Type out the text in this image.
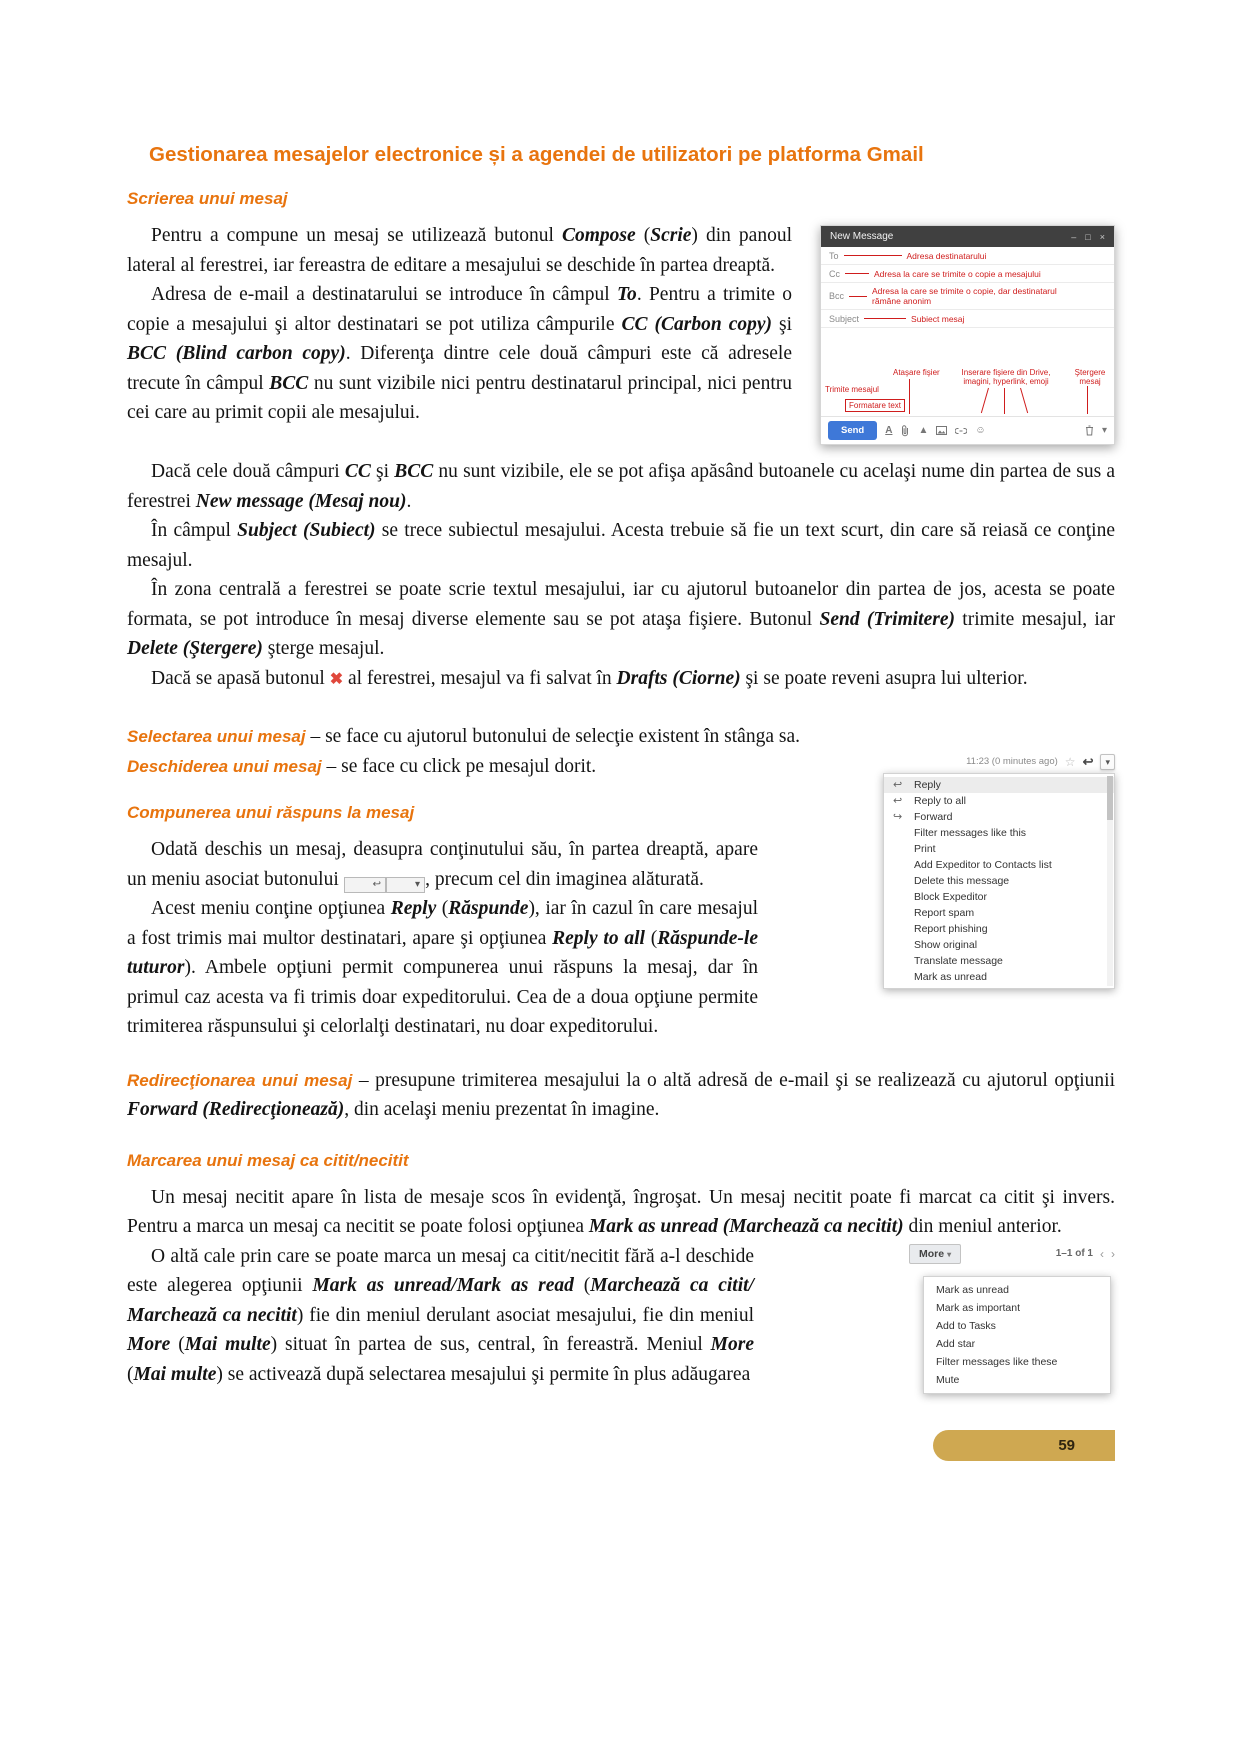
Gestionarea mesajelor electronice și a agendei de utilizatori pe platforma Gmail
Scrierea unui mesaj
New Message	– □ ×
To	Adresa destinatarului
Cc	Adresa la care se trimite o copie a mesajului
Bcc	Adresa la care se trimite o copie, dar destinatarul rămâne anonim
Subject	Subiect mesaj
Ataşare fişier	Inserare fişiere din Drive, imagini, hyperlink, emoji
Ştergere mesaj
Trimite mesajul
Formatare text
Send	A	▲	☺	▾

Pentru a compune un mesaj se utilizează butonul Compose (Scrie) din panoul lateral al ferestrei, iar fereastra de editare a mesajului se deschide în partea dreaptă.

Adresa de e-mail a destinatarului se introduce în câmpul To. Pentru a trimite o copie a mesajului şi altor destinatari se pot utiliza câmpurile CC (Carbon copy) şi BCC (Blind carbon copy). Diferenţa dintre cele două câmpuri este că adresele trecute în câmpul BCC nu sunt vizibile nici pentru destinatarul principal, nici pentru cei care au primit copii ale mesajului.

Dacă cele două câmpuri CC şi BCC nu sunt vizibile, ele se pot afişa apăsând butoanele cu acelaşi nume din partea de sus a ferestrei New message (Mesaj nou).

În câmpul Subject (Subiect) se trece subiectul mesajului. Acesta trebuie să fie un text scurt, din care să reiasă ce conţine mesajul.

În zona centrală a ferestrei se poate scrie textul mesajului, iar cu ajutorul butoanelor din partea de jos, acesta se poate formata, se pot introduce în mesaj diverse elemente sau se pot ataşa fişiere. Butonul Send (Trimitere) trimite mesajul, iar Delete (Ştergere) şterge mesajul.

Dacă se apasă butonul ✖ al ferestrei, mesajul va fi salvat în Drafts (Ciorne) şi se poate reveni asupra lui ulterior.

Selectarea unui mesaj – se face cu ajutorul butonului de selecţie existent în stânga sa.

11:23 (0 minutes ago) ☆ ↩	▾
↩ Reply
↩ Reply to all
↪ Forward
Filter messages like this
Print
Add Expeditor to Contacts list
Delete this message
Block Expeditor
Report spam
Report phishing
Show original
Translate message
Mark as unread

Deschiderea unui mesaj – se face cu click pe mesajul dorit.

Compunerea unui răspuns la mesaj

Odată deschis un mesaj, deasupra conţinutului său, în partea dreaptă, apare un meniu asociat butonului	↩	▾ , precum cel din imaginea alăturată.

Acest meniu conţine opţiunea Reply (Răspunde), iar în cazul în care mesajul a fost trimis mai multor destinatari, apare şi opţiunea Reply to all (Răspunde-le tuturor). Ambele opţiuni permit compunerea unui răspuns la mesaj, dar în primul caz acesta va fi trimis doar expeditorului. Cea de a doua opţiune permite trimiterea răspunsului şi celorlalţi destinatari, nu doar expeditorului.

Redirecţionarea unui mesaj – presupune trimiterea mesajului la o altă adresă de e-mail şi se realizează cu ajutorul opţiunii Forward (Redirecţionează), din acelaşi meniu prezentat în imagine.

Marcarea unui mesaj ca citit/necitit

Un mesaj necitit apare în lista de mesaje scos în evidenţă, îngroşat. Un mesaj necitit poate fi marcat ca citit şi invers. Pentru a marca un mesaj ca necitit se poate folosi opţiunea Mark as unread (Marchează ca necitit) din meniul anterior.

More ▾	1–1 of 1 ‹ ›
Mark as unread
Mark as important
Add to Tasks
Add star
Filter messages like these
Mute

O altă cale prin care se poate marca un mesaj ca citit/necitit fără a-l deschide este alegerea opţiunii Mark as unread/Mark as read (Marchează ca citit/ Marchează ca necitit) fie din meniul derulant asociat mesajului, fie din meniul More (Mai multe) situat în partea de sus, central, în fereastră. Meniul More (Mai multe) se activează după selectarea mesajului şi permite în plus adăugarea

59
